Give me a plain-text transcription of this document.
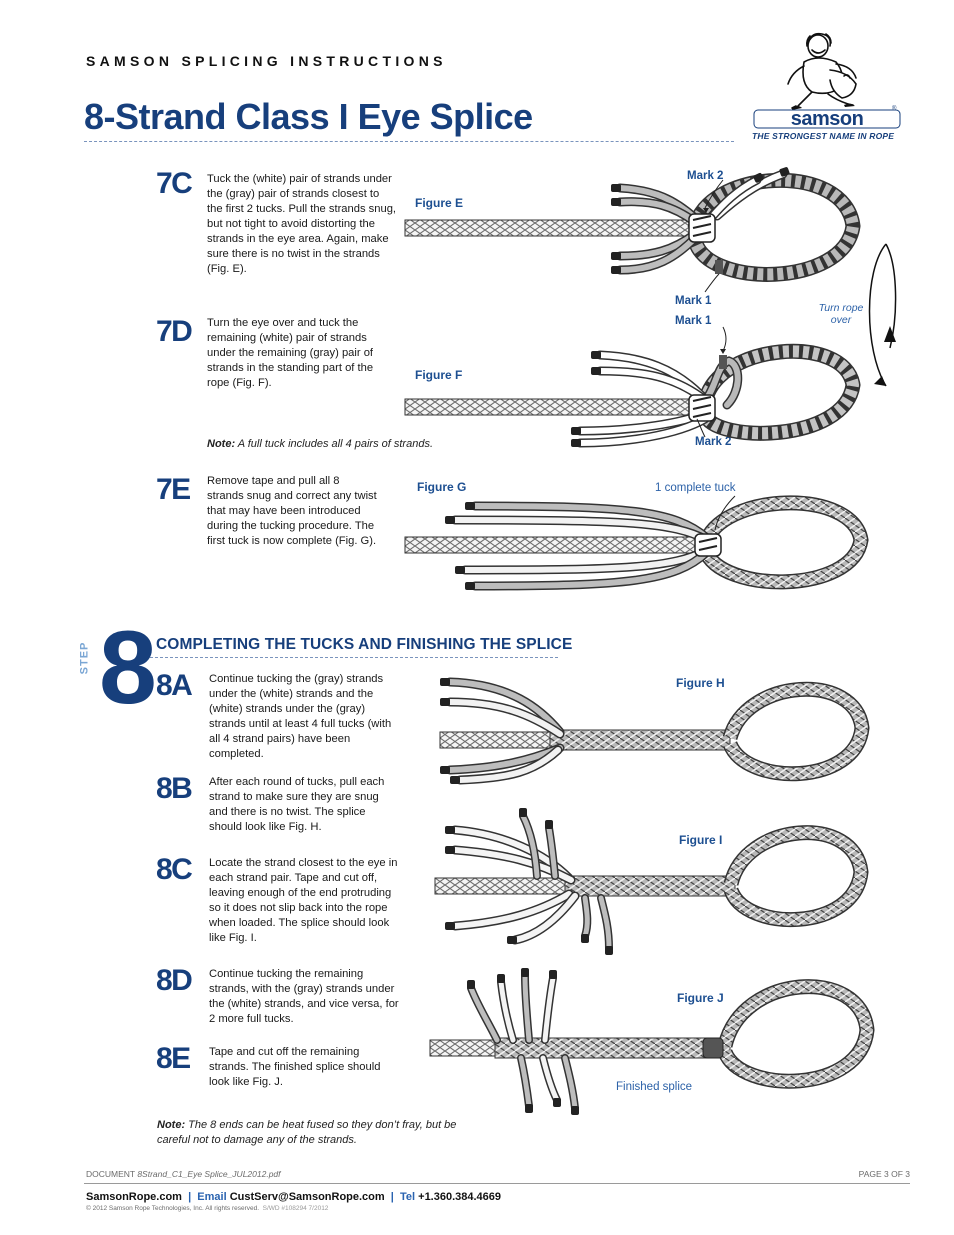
SAMSON SPLICING INSTRUCTIONS
8-Strand Class I Eye Splice	samson	®
THE STRONGEST NAME IN ROPE
7C Tuck the (white) pair of strands under the (gray) pair of strands closest to the first 2 tucks. Pull the strands snug, but not tight to avoid distorting the strands in the eye area. Again, make sure there is no twist in the strands (Fig. E).
7D Turn the eye over and tuck the remaining (white) pair of strands under the remaining (gray) pair of strands in the standing part of the rope (Fig. F).
Note: A full tuck includes all 4 pairs of strands.
7E Remove tape and pull all 8 strands snug and correct any twist that may have been introduced during the tucking procedure. The first tuck is now complete (Fig. G).
Figure E
Mark 2
Mark 1
Turn rope
over
Figure F
Mark 1
Mark 2
Figure G	1 complete tuck
STEP 8 COMPLETING THE TUCKS AND FINISHING THE SPLICE
8A Continue tucking the (gray) strands under the (white) strands and the (white) strands under the (gray) strands until at least 4 full tucks (with all 4 strand pairs) have been completed.
8B After each round of tucks, pull each strand to make sure they are snug and there is no twist. The splice should look like Fig. H.
8C Locate the strand closest to the eye in each strand pair. Tape and cut off, leaving enough of the end protruding so it does not slip back into the rope when loaded. The splice should look like Fig. I.
8D Continue tucking the remaining strands, with the (gray) strands under the (white) strands, and vice versa, for 2 more full tucks.
8E Tape and cut off the remaining strands. The finished splice should look like Fig. J.
Note: The 8 ends can be heat fused so they don’t fray, but be careful not to damage any of the strands.
Figure H
Figure I
Figure J
Finished splice
DOCUMENT 8Strand_C1_Eye Splice_JUL2012.pdf	PAGE 3 OF 3
SamsonRope.com  |  Email CustServ@SamsonRope.com  |  Tel +1.360.384.4669
© 2012 Samson Rope Technologies, Inc. All rights reserved.  S/WD #108294 7/2012
